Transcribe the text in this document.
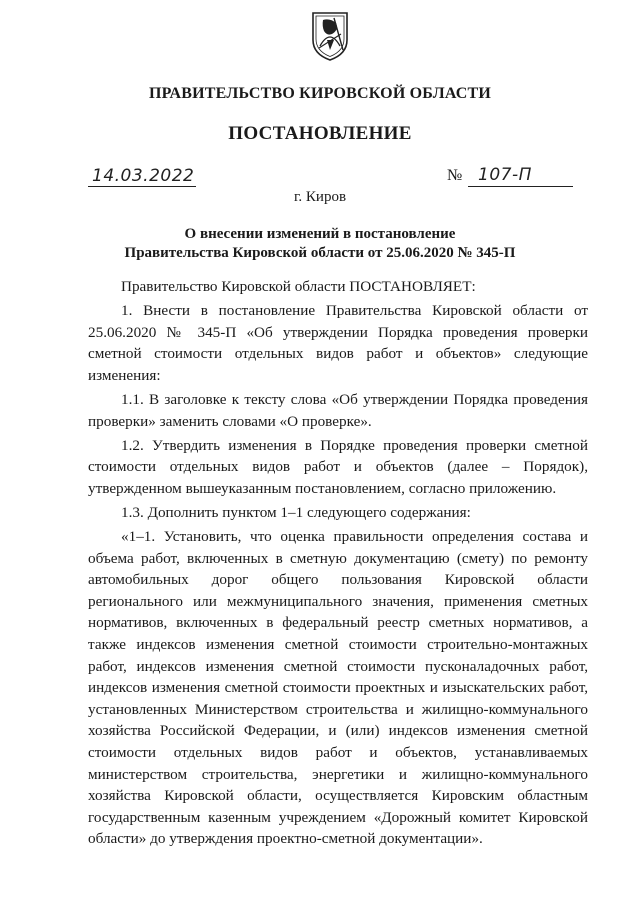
ПРАВИТЕЛЬСТВО КИРОВСКОЙ ОБЛАСТИ
ПОСТАНОВЛЕНИЕ
14.03.2022	№ 107-П
г. Киров
О внесении изменений в постановление
Правительства Кировской области от 25.06.2020 № 345-П

Правительство Кировской области ПОСТАНОВЛЯЕТ:

1. Внести в постановление Правительства Кировской области от 25.06.2020 № 345-П «Об утверждении Порядка проведения проверки сметной стоимости отдельных видов работ и объектов» следующие изменения:

1.1. В заголовке к тексту слова «Об утверждении Порядка проведения проверки» заменить словами «О проверке».

1.2. Утвердить изменения в Порядке проведения проверки сметной стоимости отдельных видов работ и объектов (далее – Порядок), утвержденном вышеуказанным постановлением, согласно приложению.

1.3. Дополнить пунктом 1–1 следующего содержания:

«1–1. Установить, что оценка правильности определения состава и объема работ, включенных в сметную документацию (смету) по ремонту автомобильных дорог общего пользования Кировской области регионального или межмуниципального значения, применения сметных нормативов, включенных в федеральный реестр сметных нормативов, а также индексов изменения сметной стоимости строительно-монтажных работ, индексов изменения сметной стоимости пусконаладочных работ, индексов изменения сметной стоимости проектных и изыскательских работ, установленных Министерством строительства и жилищно-коммунального хозяйства Российской Федерации, и (или) индексов изменения сметной стоимости отдельных видов работ и объектов, устанавливаемых министерством строительства, энергетики и жилищно-коммунального хозяйства Кировской области, осуществляется Кировским областным государственным казенным учреждением «Дорожный комитет Кировской области» до утверждения проектно-сметной документации».
